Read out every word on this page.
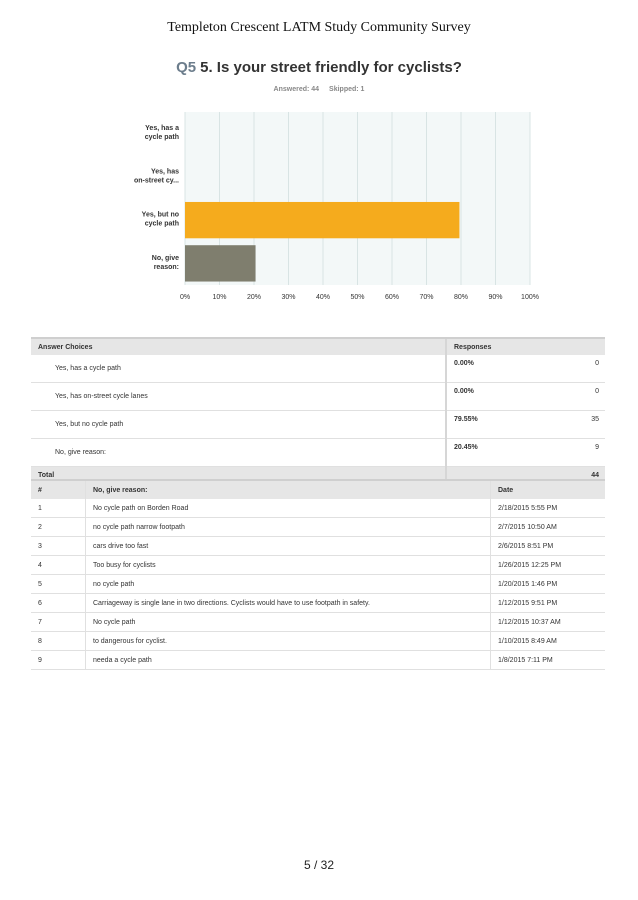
Templeton Crescent LATM Study Community Survey
Q5 5. Is your street friendly for cyclists?
Answered: 44 Skipped: 1
Yes, has a
cycle path
Yes, has
on-street cy...
Yes, but no
cycle path
No, give
reason:
0%	10%	20%	30%	40%	50%	60%	70%	80%	90%	100%
Answer Choices	Responses	
Yes, has a cycle path	0.00%	0
Yes, has on-street cycle lanes	0.00%	0
Yes, but no cycle path	79.55%	35
No, give reason:	20.45%	9
Total		44
#	No, give reason:	Date
1	No cycle path on Borden Road	2/18/2015 5:55 PM
2	no cycle path narrow footpath	2/7/2015 10:50 AM
3	cars drive too fast	2/6/2015 8:51 PM
4	Too busy for cyclists	1/26/2015 12:25 PM
5	no cycle path	1/20/2015 1:46 PM
6	Carriageway is single lane in two directions. Cyclists would have to use footpath in safety.	1/12/2015 9:51 PM
7	No cycle path	1/12/2015 10:37 AM
8	to dangerous for cyclist.	1/10/2015 8:49 AM
9	needa a cycle path	1/8/2015 7:11 PM
5 / 32
